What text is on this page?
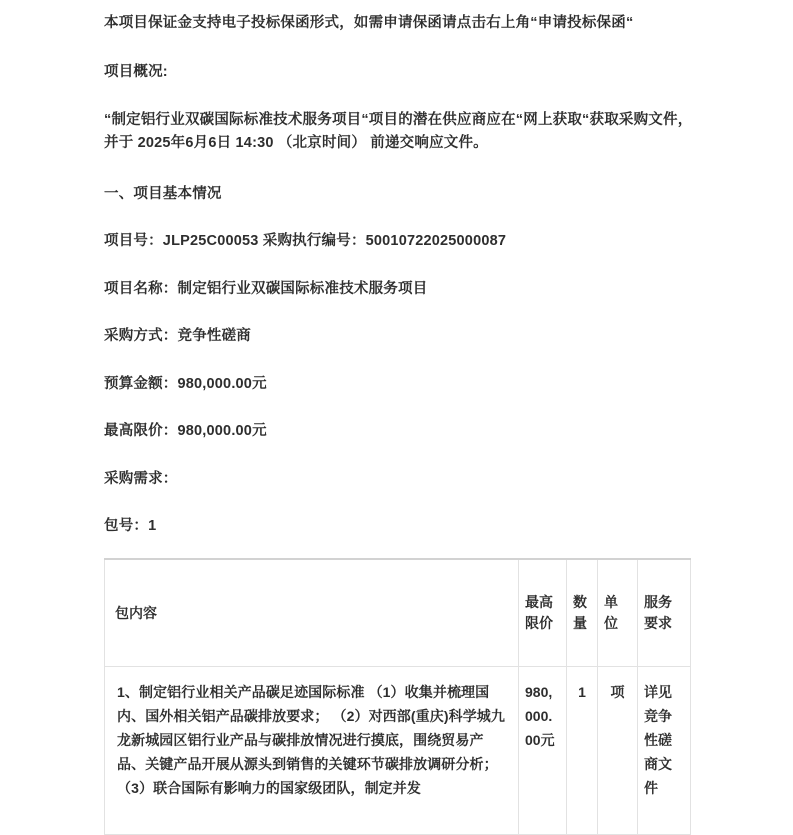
本项目保证金支持电子投标保函形式，如需申请保函请点击右上角“申请投标保函“

项目概况:

“制定铝行业双碳国际标准技术服务项目“项目的潜在供应商应在“网上获取“获取采购文件，并于 2025年6月6日 14:30 （北京时间） 前递交响应文件。

一、项目基本情况

项目号：JLP25C00053 采购执行编号：50010722025000087

项目名称：制定铝行业双碳国际标准技术服务项目

采购方式：竞争性磋商

预算金额：980,000.00元

最高限价：980,000.00元

采购需求：

包号：1

包内容	最高限价	数量	单位	服务要求

1、制定铝行业相关产品碳足迹国际标准 （1）收集并梳理国内、国外相关铝产品碳排放要求； （2）对西部(重庆)科学城九龙新城园区铝行业产品与碳排放情况进行摸底，围绕贸易产品、关键产品开展从源头到销售的关键环节碳排放调研分析； （3）联合国际有影响力的国家级团队，制定并发	980,000.00元	1	项	详见竞争性磋商文件
